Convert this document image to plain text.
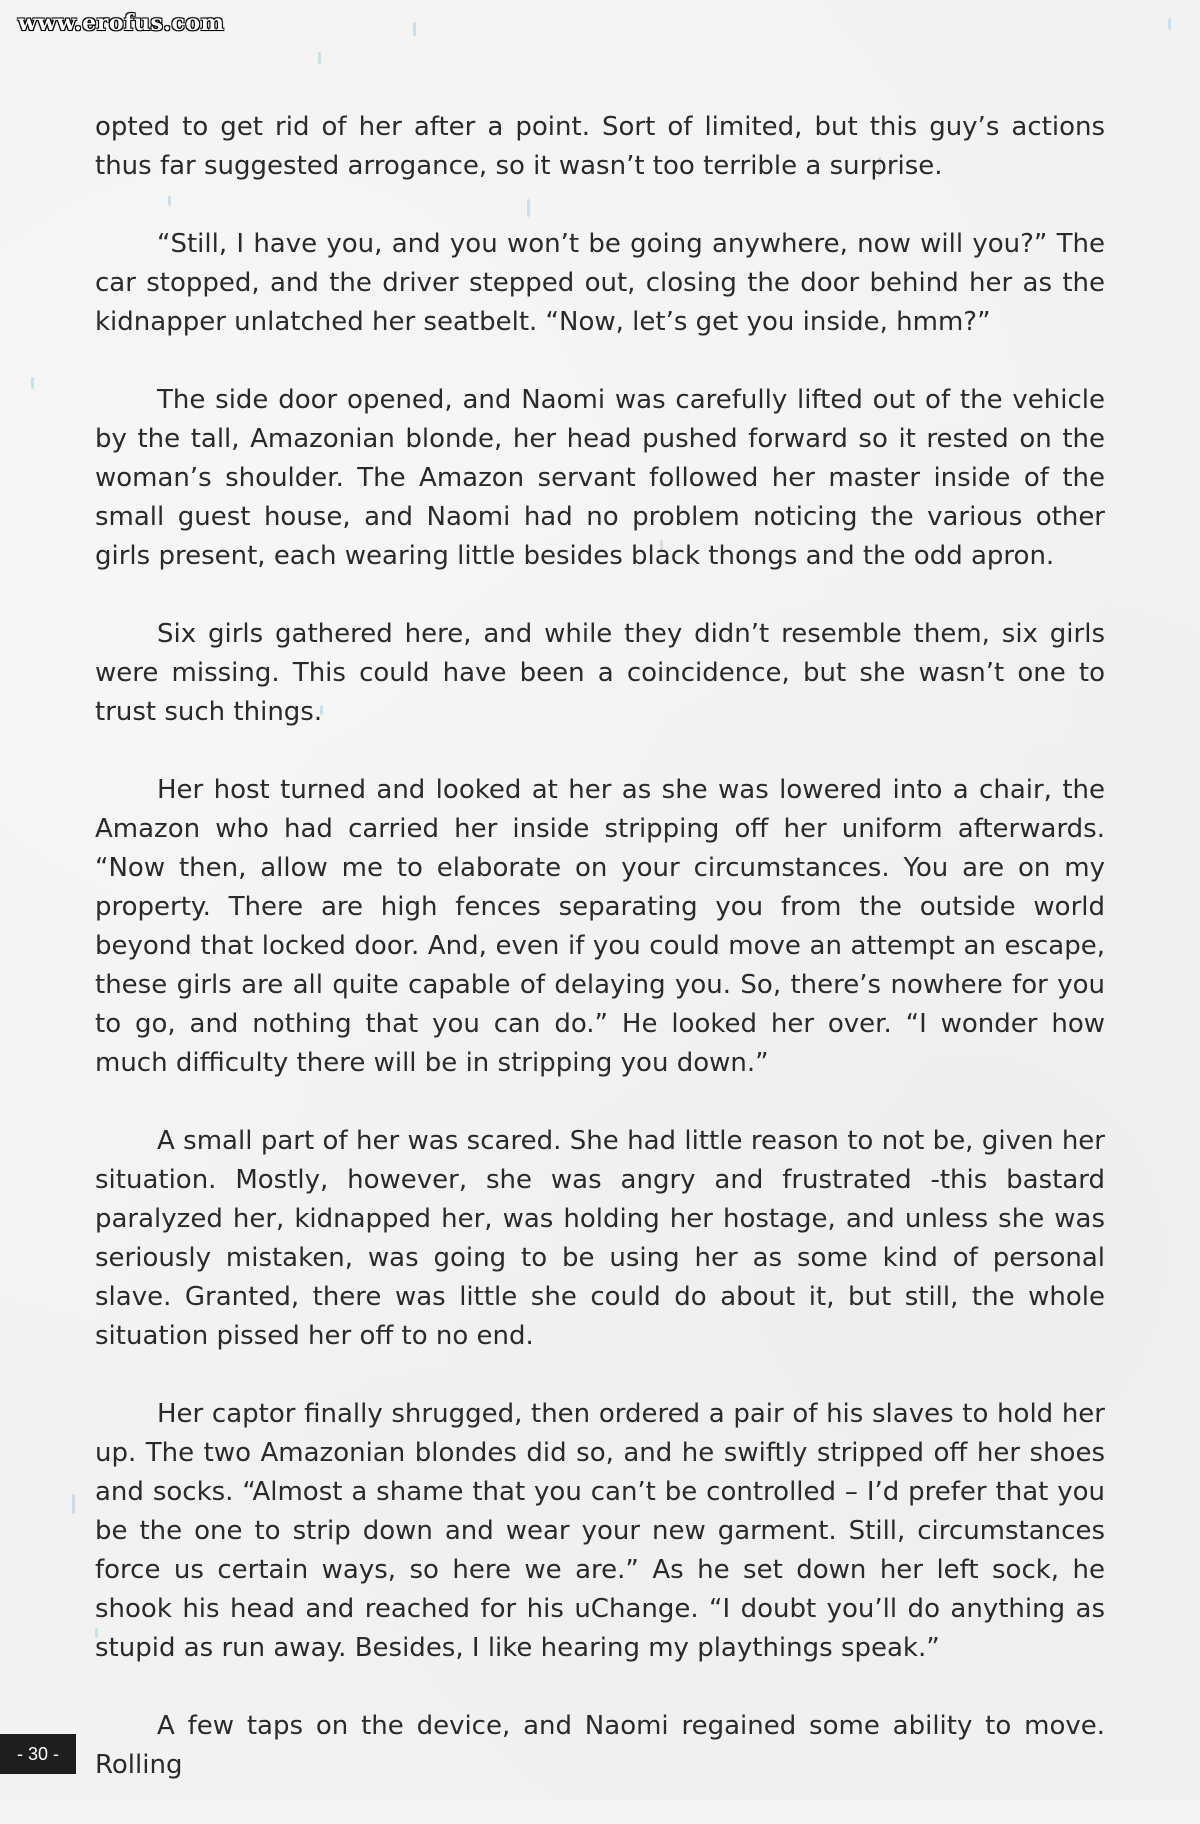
www.erofus.com

opted to get rid of her after a point. Sort of limited, but this guy’s actions thus far suggested arrogance, so it wasn’t too terrible a surprise.

“Still, I have you, and you won’t be going anywhere, now will you?” The car stopped, and the driver stepped out, closing the door behind her as the kidnapper unlatched her seatbelt. “Now, let’s get you inside, hmm?”

The side door opened, and Naomi was carefully lifted out of the vehicle by the tall, Amazonian blonde, her head pushed forward so it rested on the woman’s shoulder. The Amazon servant followed her master inside of the small guest house, and Naomi had no problem noticing the various other girls present, each wearing little besides black thongs and the odd apron.

Six girls gathered here, and while they didn’t resemble them, six girls were missing. This could have been a coincidence, but she wasn’t one to trust such things.

Her host turned and looked at her as she was lowered into a chair, the Amazon who had carried her inside stripping off her uniform afterwards. “Now then, allow me to elaborate on your circumstances. You are on my property. There are high fences separating you from the outside world beyond that locked door. And, even if you could move an attempt an escape, these girls are all quite capable of delaying you. So, there’s nowhere for you to go, and nothing that you can do.” He looked her over. “I wonder how much difficulty there will be in stripping you down.”

A small part of her was scared. She had little reason to not be, given her situation. Mostly, however, she was angry and frustrated -this bastard paralyzed her, kidnapped her, was holding her hostage, and unless she was seriously mistaken, was going to be using her as some kind of personal slave. Granted, there was little she could do about it, but still, the whole situation pissed her off to no end.

Her captor finally shrugged, then ordered a pair of his slaves to hold her up. The two Amazonian blondes did so, and he swiftly stripped off her shoes and socks. “Almost a shame that you can’t be controlled – I’d prefer that you be the one to strip down and wear your new garment. Still, circumstances force us certain ways, so here we are.” As he set down her left sock, he shook his head and reached for his uChange. “I doubt you’ll do anything as stupid as run away. Besides, I like hearing my playthings speak.”

A few taps on the device, and Naomi regained some ability to move. Rolling

- 30 -
